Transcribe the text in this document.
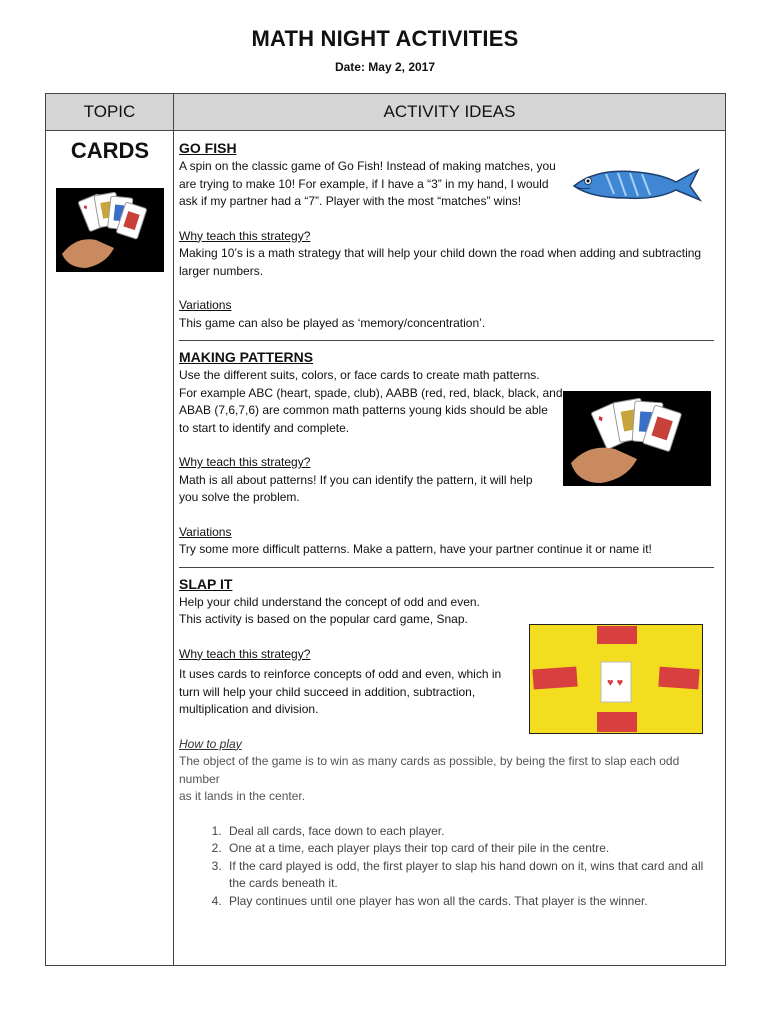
MATH NIGHT ACTIVITIES
Date: May 2, 2017
TOPIC	ACTIVITY IDEAS
CARDS
♦
♦
♥ ♥
GO FISH
A spin on the classic game of Go Fish! Instead of making matches, you
are trying to make 10! For example, if I have a “3” in my hand, I would
ask if my partner had a “7”. Player with the most “matches” wins!
Why teach this strategy?
Making 10’s is a math strategy that will help your child down the road when adding and subtracting
larger numbers.
Variations
This game can also be played as ‘memory/concentration’.
MAKING PATTERNS
Use the different suits, colors, or face cards to create math patterns.
For example ABC (heart, spade, club), AABB (red, red, black, black, and
ABAB (7,6,7,6) are common math patterns young kids should be able
to start to identify and complete.
Why teach this strategy?
Math is all about patterns! If you can identify the pattern, it will help
you solve the problem.
Variations
Try some more difficult patterns. Make a pattern, have your partner continue it or name it!
SLAP IT
Help your child understand the concept of odd and even.
This activity is based on the popular card game, Snap.
Why teach this strategy?
It uses cards to reinforce concepts of odd and even, which in
turn will help your child succeed in addition, subtraction,
multiplication and division.
How to play
The object of the game is to win as many cards as possible, by being the first to slap each odd number
as it lands in the center.
1. Deal all cards, face down to each player.
2. One at a time, each player plays their top card of their pile in the centre.
3. If the card played is odd, the first player to slap his hand down on it, wins that card and all the cards beneath it.
4. Play continues until one player has won all the cards. That player is the winner.
